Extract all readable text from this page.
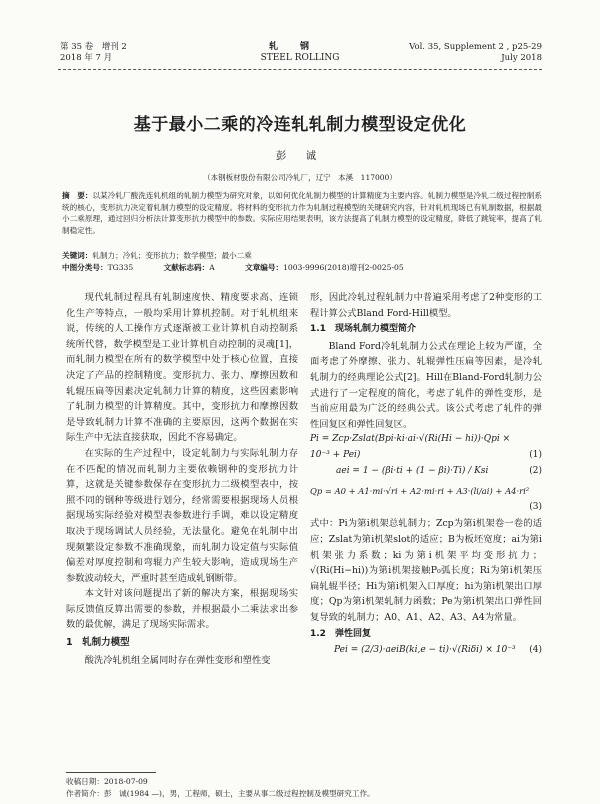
第 35 卷　增刊 2
2018 年 7 月
轧钢
STEEL ROLLING
Vol. 35, Supplement 2 , p25-29
July 2018
基于最小二乘的冷连轧轧制力模型设定优化
彭 诚
（本钢板材股份有限公司冷轧厂，辽宁　本溪　117000）
摘　要：以某冷轧厂酸洗连轧机组的轧制力模型为研究对象，以如何优化轧制力模型的计算精度为主要内容。轧制力模型是冷轧二级过程控制系统的核心，变形抗力决定着轧制力模型的设定精度。将材料的变形抗力作为轧制过程模型的关键研究内容，针对轧机现场已有轧制数据，根据最小二乘原理，通过回归分析法计算变形抗力模型中的参数。实际应用结果表明，该方法提高了轧制力模型的设定精度，降低了跳锭率，提高了轧制稳定性。
关键词：轧制力；冷轧；变形抗力；数学模型；最小二乘
中图分类号：TG335	文献标志码：A	文章编号：1003-9996(2018)增刊2-0025-05

现代轧制过程具有轧制速度快、精度要求高、连锁化生产等特点，一般均采用计算机控制。对于轧机组来说，传统的人工操作方式逐渐被工业计算机自动控制系统所代替，数学模型是工业计算机自动控制的灵魂[1]，而轧制力模型在所有的数学模型中处于核心位置，直接决定了产品的控制精度。变形抗力、张力、摩擦因数和轧辊压扁等因素决定轧制力计算的精度，这些因素影响了轧制力模型的计算精度。其中，变形抗力和摩擦因数是导致轧制力计算不准确的主要原因，这两个数据在实际生产中无法直接获取，因此不容易确定。

在实际的生产过程中，设定轧制力与实际轧制力存在不匹配的情况而轧制力主要依赖钢种的变形抗力计算，这就是关键参数保存在变形抗力二级模型表中，按照不同的钢种等级进行划分，经常需要根据现场人员根据现场实际经验对模型表参数进行手调，难以设定精度取决于现场调试人员经验，无法量化。避免在轧制中出现频繁设定参数不准确现象，而轧制力设定值与实际值偏差对厚度控制和弯辊力产生较大影响，造成现场生产参数波动较大，严重时甚至造成轧钢断带。

本文针对该问题提出了新的解决方案，根据现场实际反馈值反算出需要的参数，并根据最小二乘法求出参数的最优解，满足了现场实际需求。

1　轧制力模型

酸洗冷轧机组全属同时存在弹性变形和塑性变

形，因此冷轧过程轧制力中普遍采用考虑了2种变形的工程计算公式Bland Ford-Hill模型。

1.1　现场轧制力模型简介

Bland Ford冷轧轧制力公式在理论上较为严谨，全面考虑了外摩擦、张力、轧辊弹性压扁等因素，是冷轧轧制力的经典理论公式[2]。Hill在Bland-Ford轧制力公式进行了一定程度的简化，考虑了轧件的弹性变形，是当前应用最为广泛的经典公式。该公式考虑了轧件的弹性回复区和弹性回复区。

Pi = Zcp·Zslat(Bpi·ki·ai·√(Ri(Hi − hi))·Qpi ×
10⁻³ + Pei)	(1)
aei = 1 − (βi·ti + (1 − βi)·Ti) / Ksi	(2)
Qp = A0 + A1·mi·√ri + A2·mi·ri + A3·(li/ai) + A4·ri²
(3)

式中：Pi为第i机架总轧制力；Zcp为第i机架卷一卷的适应；Zslat为第i机架slot的适应；B为板坯宽度；ai为第i机架张力系数；ki为第i机架平均变形抗力；√(Ri(Hi−hi))为第i机架接触P₀弧长度；Ri为第i机架压扁轧辊半径；Hi为第i机架入口厚度；hi为第i机架出口厚度；Qp为第i机架轧制力函数；Pe为第i机架出口弹性回复导致的轧制力；A0、A1、A2、A3、A4为常量。

1.2　弹性回复
Pei = (2/3)·aeiB(ki,e − ti)·√(Riδi) × 10⁻³ (4)
收稿日期：2018-07-09
作者简介：彭　诚(1984 —)，男，工程师，硕士，主要从事二级过程控制及模型研究工作。
